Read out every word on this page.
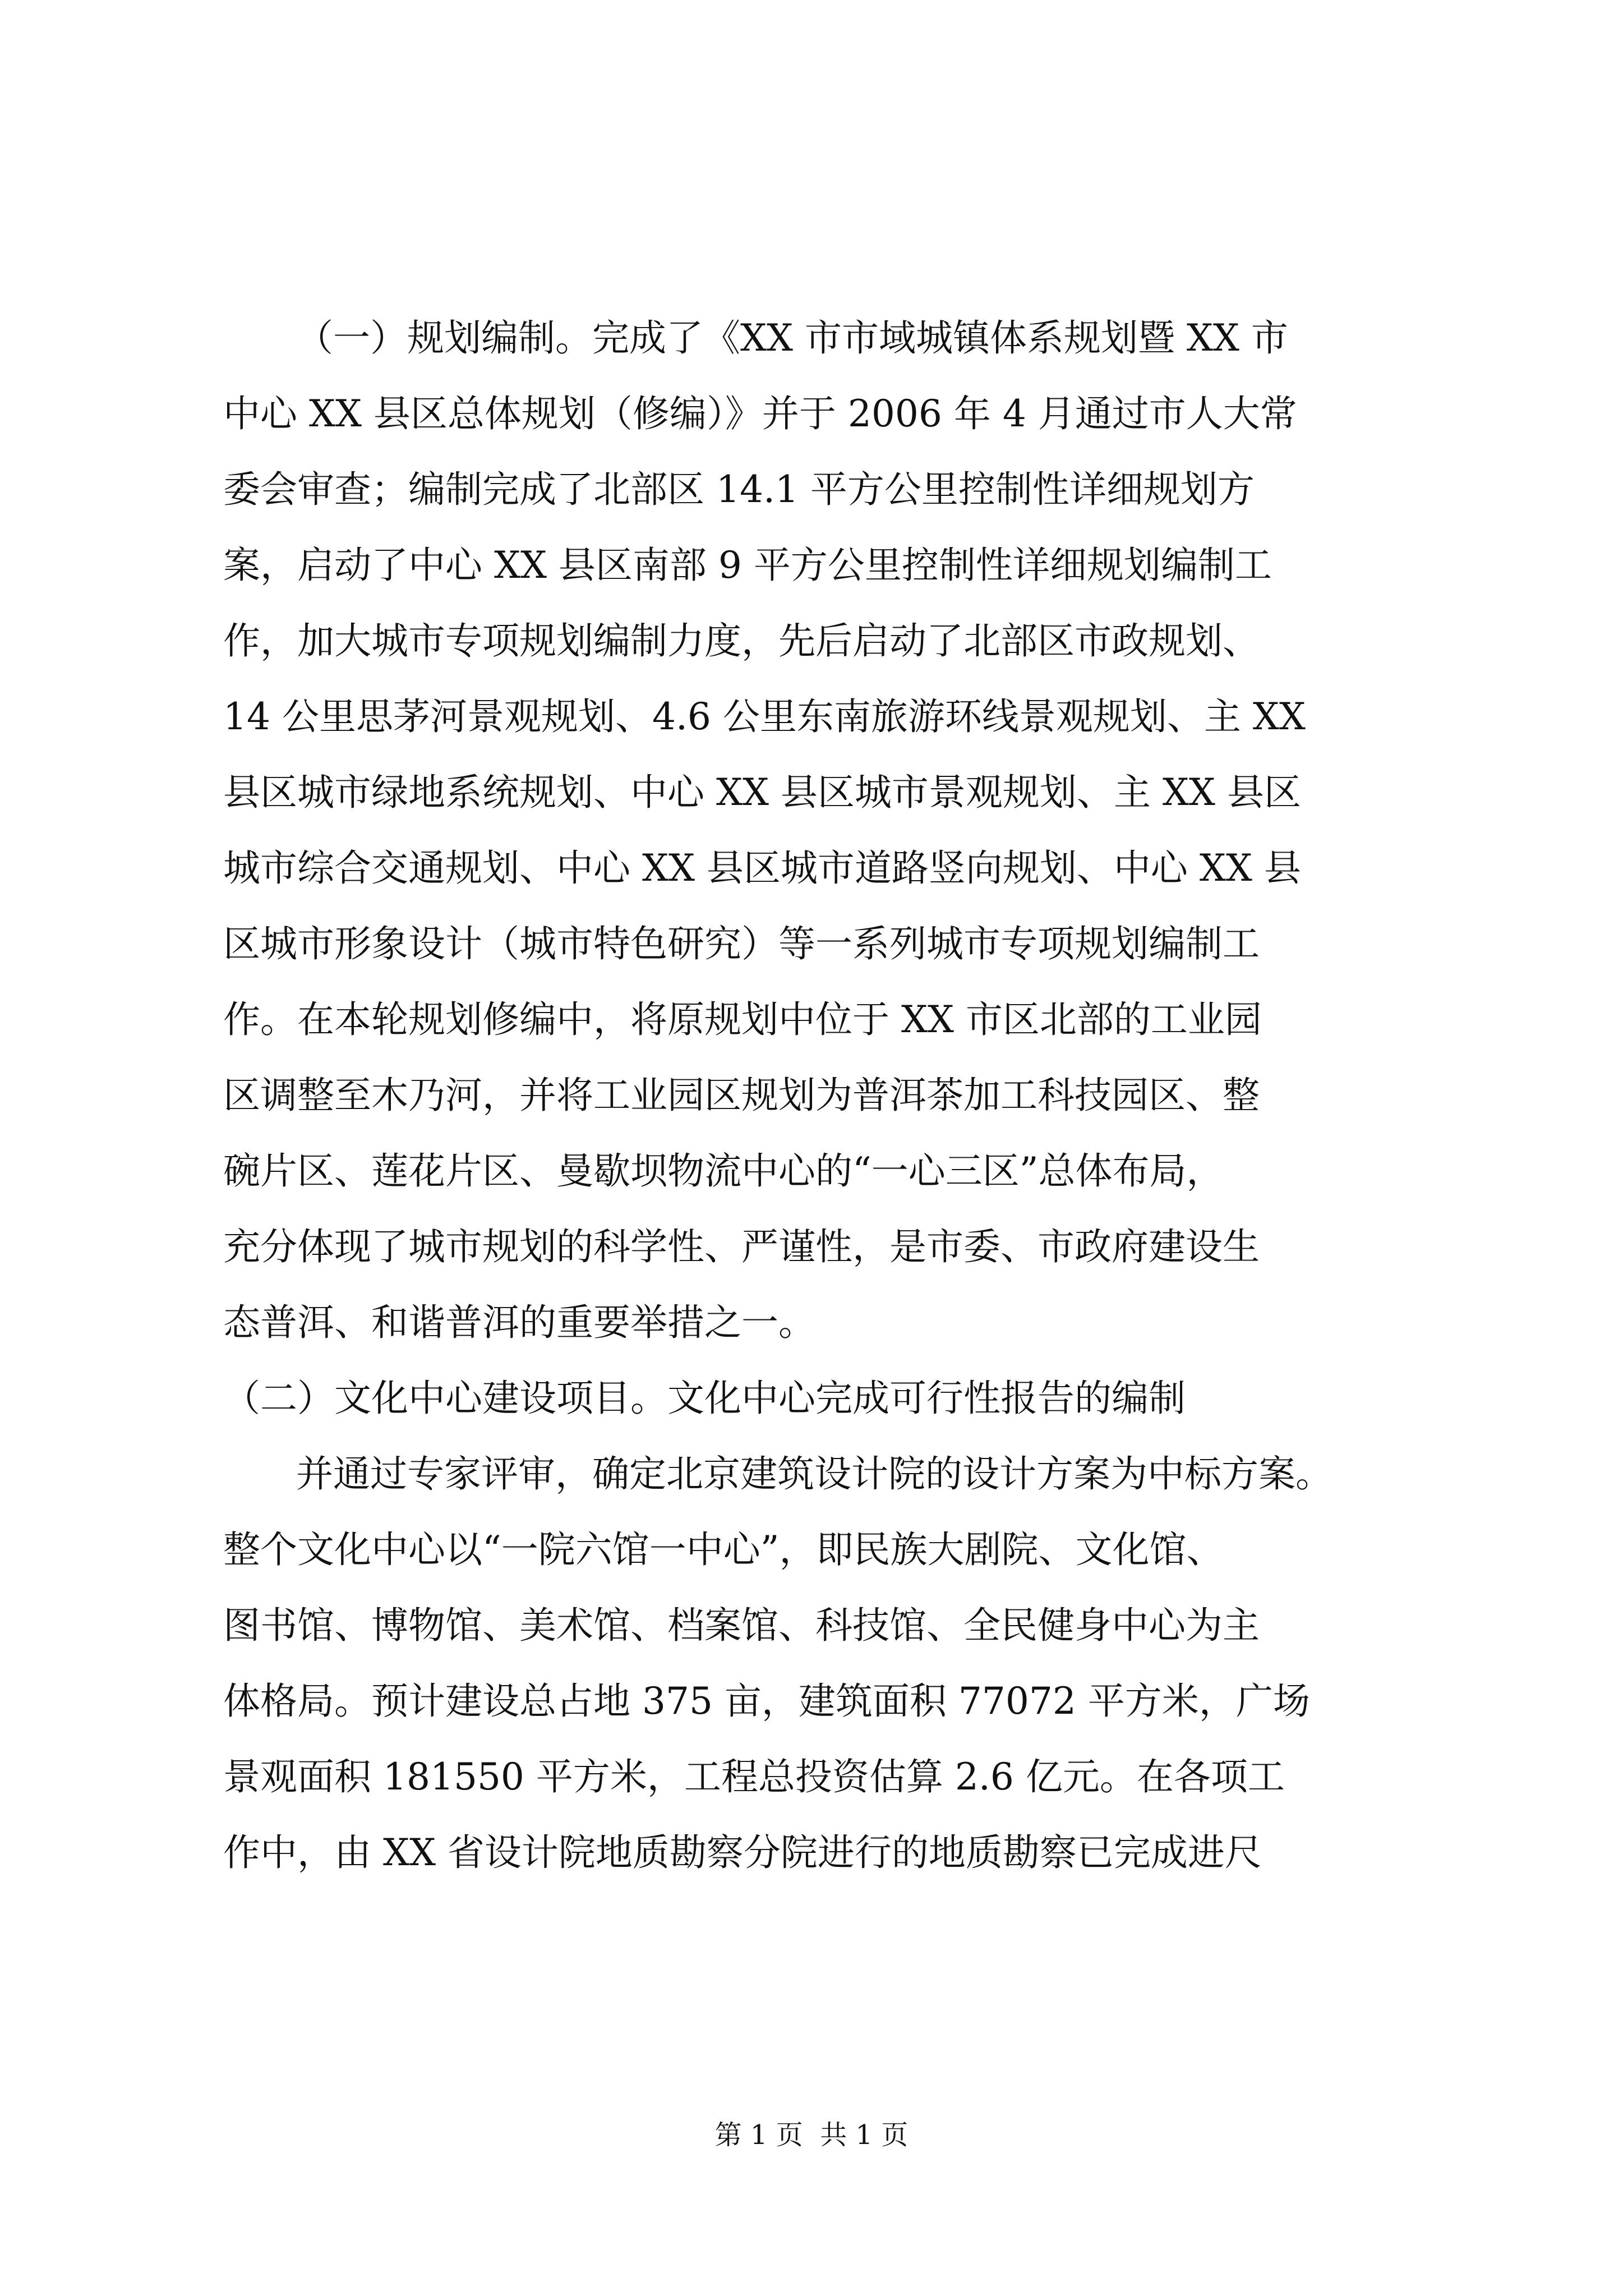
（一）规划编制。完成了《XX 市市域城镇体系规划暨 XX 市
中心 XX 县区总体规划（修编）》并于 2006 年 4 月通过市人大常
委会审查；编制完成了北部区 14.1 平方公里控制性详细规划方
案，启动了中心 XX 县区南部 9 平方公里控制性详细规划编制工
作，加大城市专项规划编制力度，先后启动了北部区市政规划、
14 公里思茅河景观规划、4.6 公里东南旅游环线景观规划、主 XX
县区城市绿地系统规划、中心 XX 县区城市景观规划、主 XX 县区
城市综合交通规划、中心 XX 县区城市道路竖向规划、中心 XX 县
区城市形象设计（城市特色研究）等一系列城市专项规划编制工
作。在本轮规划修编中，将原规划中位于 XX 市区北部的工业园
区调整至木乃河，并将工业园区规划为普洱茶加工科技园区、整
碗片区、莲花片区、曼歇坝物流中心的“一心三区”总体布局，
充分体现了城市规划的科学性、严谨性，是市委、市政府建设生
态普洱、和谐普洱的重要举措之一。
（二）文化中心建设项目。文化中心完成可行性报告的编制
并通过专家评审，确定北京建筑设计院的设计方案为中标方案。
整个文化中心以“一院六馆一中心”，即民族大剧院、文化馆、
图书馆、博物馆、美术馆、档案馆、科技馆、全民健身中心为主
体格局。预计建设总占地 375 亩，建筑面积 77072 平方米，广场
景观面积 181550 平方米，工程总投资估算 2.6 亿元。在各项工
作中，由 XX 省设计院地质勘察分院进行的地质勘察已完成进尺
第 1 页  共 1 页
